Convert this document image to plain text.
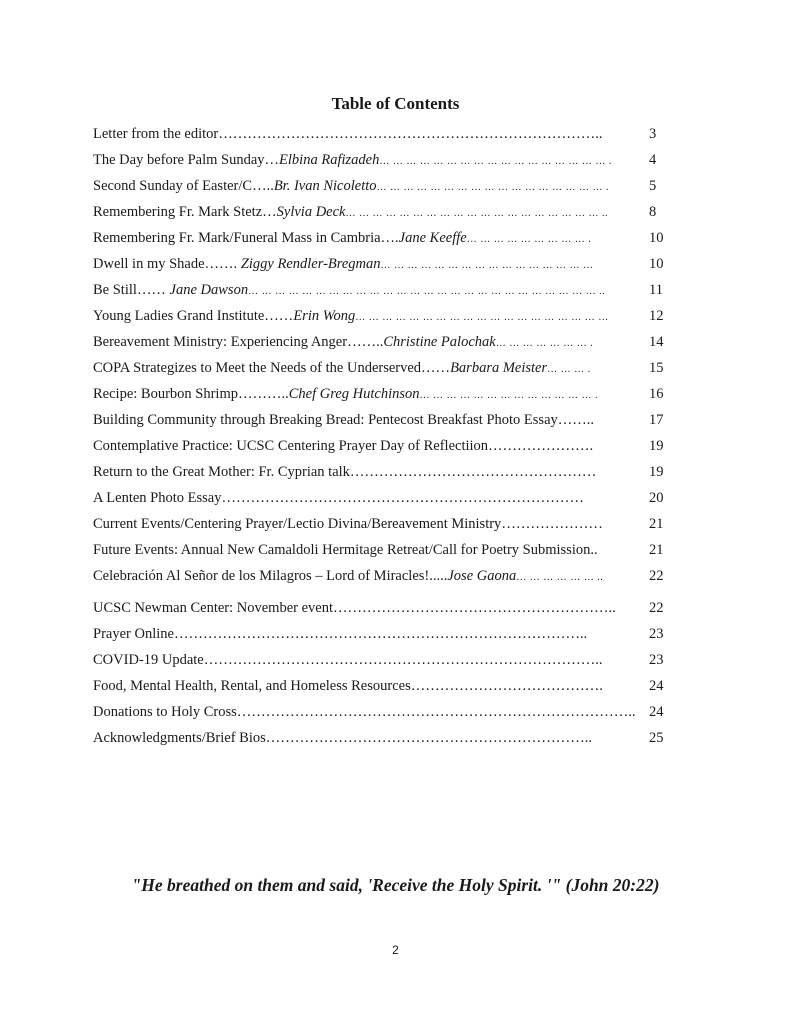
Table of Contents
Letter from the editor……………………………………………………………………..	3
The Day before Palm Sunday…Elbina Rafizadeh… … … … … … … … … … … … … … … … … .	4
Second Sunday of Easter/C…..Br. Ivan Nicoletto… … … … … … … … … … … … … … … … … .	5
Remembering Fr. Mark Stetz…Sylvia Deck… … … … … … … … … … … … … … … … … … … ..	8
Remembering Fr. Mark/Funeral Mass in Cambria….Jane Keeffe… … … … … … … … … .	10
Dwell in my Shade……. Ziggy Rendler-Bregman… … … … … … … … … … … … … … … …	10
Be Still…… Jane Dawson… … … … … … … … … … … … … … … … … … … … … … … … … … ..	11
Young Ladies Grand Institute……Erin Wong… … … … … … … … … … … … … … … … … … …	12
Bereavement Ministry: Experiencing Anger……..Christine Palochak… … … … … … … .	14
COPA Strategizes to Meet the Needs of the Underserved……Barbara Meister… … … .	15
Recipe: Bourbon Shrimp………..Chef Greg Hutchinson… … … … … … … … … … … … … .	16
Building Community through Breaking Bread: Pentecost Breakfast Photo Essay……..	17
Contemplative Practice: UCSC Centering Prayer Day of Reflectiion………………….	19
Return to the Great Mother: Fr. Cyprian talk……………………………………………	19
A Lenten Photo Essay…………………………………………………………………	20
Current Events/Centering Prayer/Lectio Divina/Bereavement Ministry…………………	21
Future Events: Annual New Camaldoli Hermitage Retreat/Call for Poetry Submission..	21
Celebración Al Señor de los Milagros – Lord of Miracles!.....Jose Gaona… … … … … … ..	22
UCSC Newman Center: November event…………………………………………………..	22
Prayer Online…………………………………………………………………………..	23
COVID-19 Update………………………………………………………………………..	23
Food, Mental Health, Rental, and Homeless Resources………………………………….	24
Donations to Holy Cross……………………………………………………………………….. 24
Acknowledgments/Brief Bios…………………………………………………………..	25
"He breathed on them and said, 'Receive the Holy Spirit. '" (John 20:22)
2
